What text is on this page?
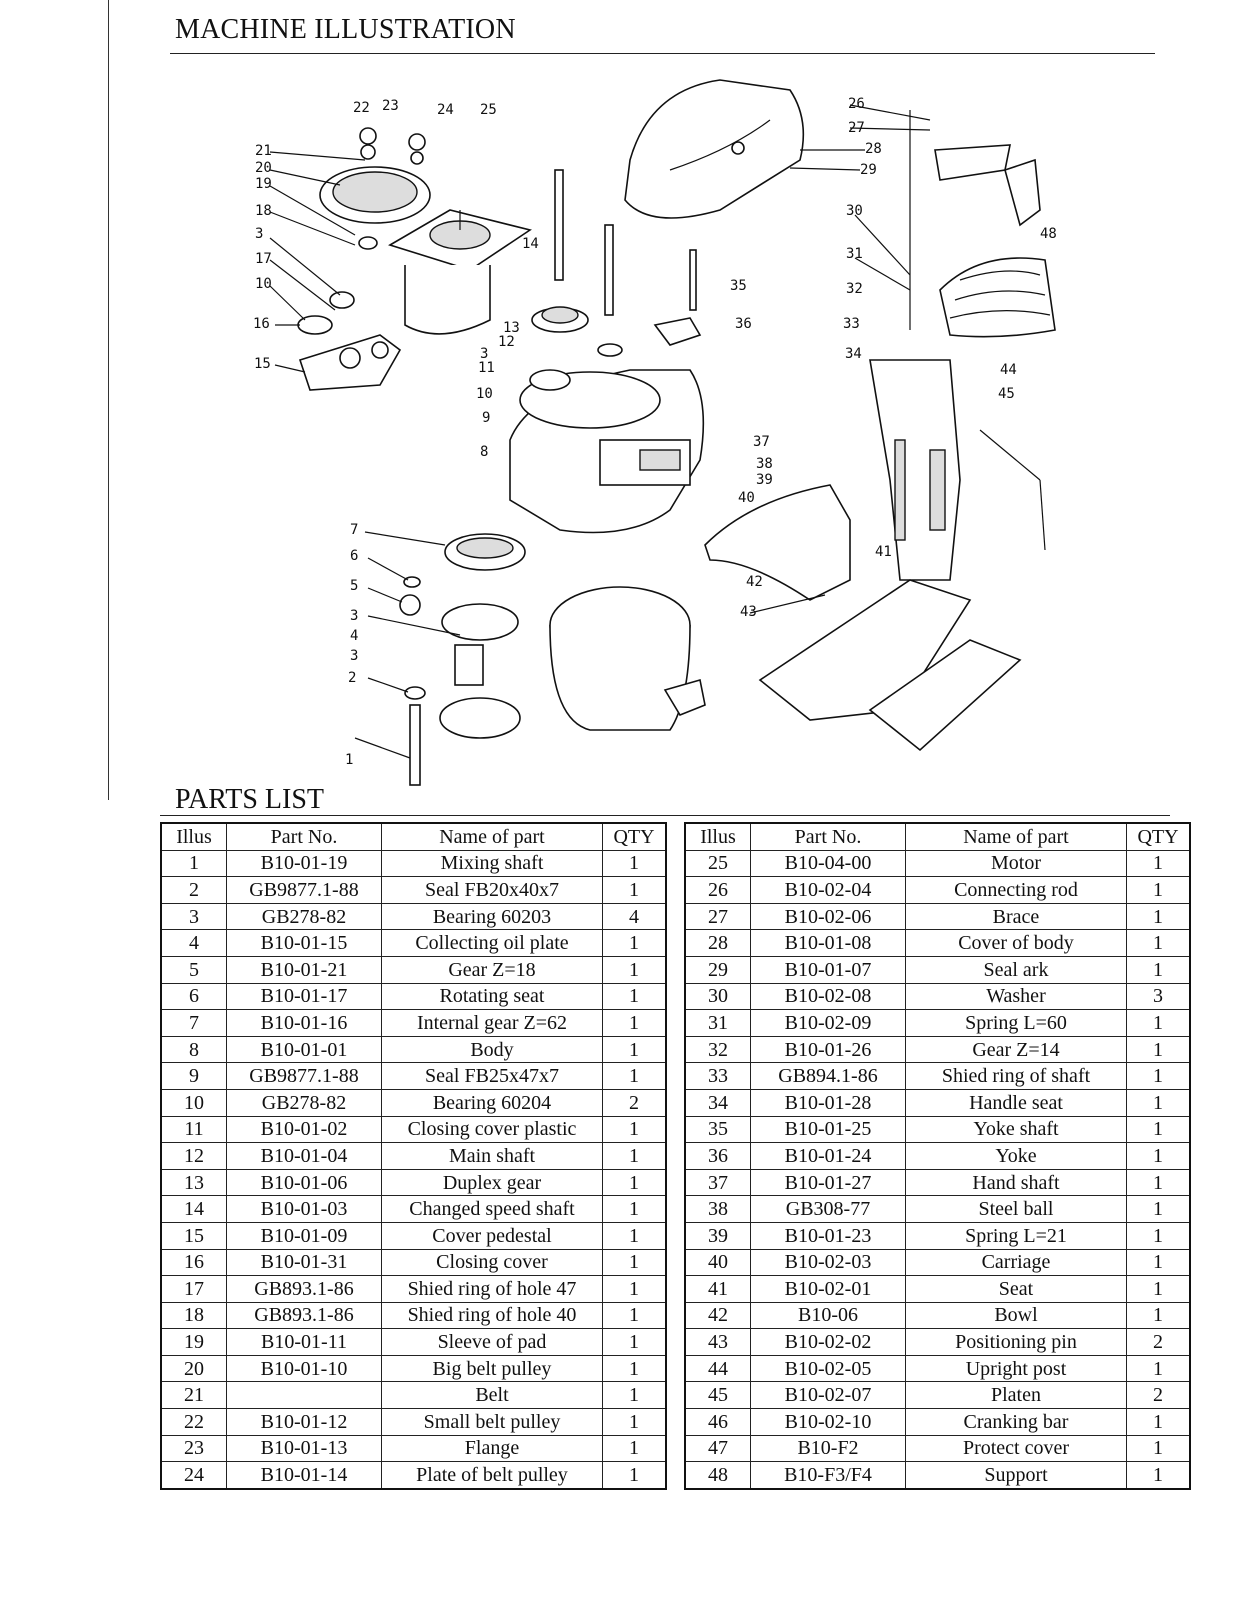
MACHINE ILLUSTRATION
1
2
3
3
3
3
4
5
6
7
8
9
10
10
11
12
13
14
15
16
17
18
19
20
21
22 23	24 25	26
27
28
29
30
31
32
33
34
35
36
37
38
39
40
41
42
43
44
45
48
PARTS LIST
Illus	Part No.	Name of part	QTY
1	B10-01-19	Mixing shaft	1
2	GB9877.1-88	Seal FB20x40x7	1
3	GB278-82	Bearing 60203	4
4	B10-01-15	Collecting oil plate	1
5	B10-01-21	Gear Z=18	1
6	B10-01-17	Rotating seat	1
7	B10-01-16	Internal gear Z=62	1
8	B10-01-01	Body	1
9	GB9877.1-88	Seal FB25x47x7	1
10	GB278-82	Bearing 60204	2
11	B10-01-02	Closing cover plastic	1
12	B10-01-04	Main shaft	1
13	B10-01-06	Duplex gear	1
14	B10-01-03	Changed speed shaft	1
15	B10-01-09	Cover pedestal	1
16	B10-01-31	Closing cover	1
17	GB893.1-86	Shied ring of hole 47	1
18	GB893.1-86	Shied ring of hole 40	1
19	B10-01-11	Sleeve of pad	1
20	B10-01-10	Big belt pulley	1
21		Belt	1
22	B10-01-12	Small belt pulley	1
23	B10-01-13	Flange	1
24	B10-01-14	Plate of belt pulley	1
Illus	Part No.	Name of part	QTY
25	B10-04-00	Motor	1
26	B10-02-04	Connecting rod	1
27	B10-02-06	Brace	1
28	B10-01-08	Cover of body	1
29	B10-01-07	Seal ark	1
30	B10-02-08	Washer	3
31	B10-02-09	Spring L=60	1
32	B10-01-26	Gear Z=14	1
33	GB894.1-86	Shied ring of shaft	1
34	B10-01-28	Handle seat	1
35	B10-01-25	Yoke shaft	1
36	B10-01-24	Yoke	1
37	B10-01-27	Hand shaft	1
38	GB308-77	Steel ball	1
39	B10-01-23	Spring L=21	1
40	B10-02-03	Carriage	1
41	B10-02-01	Seat	1
42	B10-06	Bowl	1
43	B10-02-02	Positioning pin	2
44	B10-02-05	Upright post	1
45	B10-02-07	Platen	2
46	B10-02-10	Cranking bar	1
47	B10-F2	Protect cover	1
48	B10-F3/F4	Support	1
